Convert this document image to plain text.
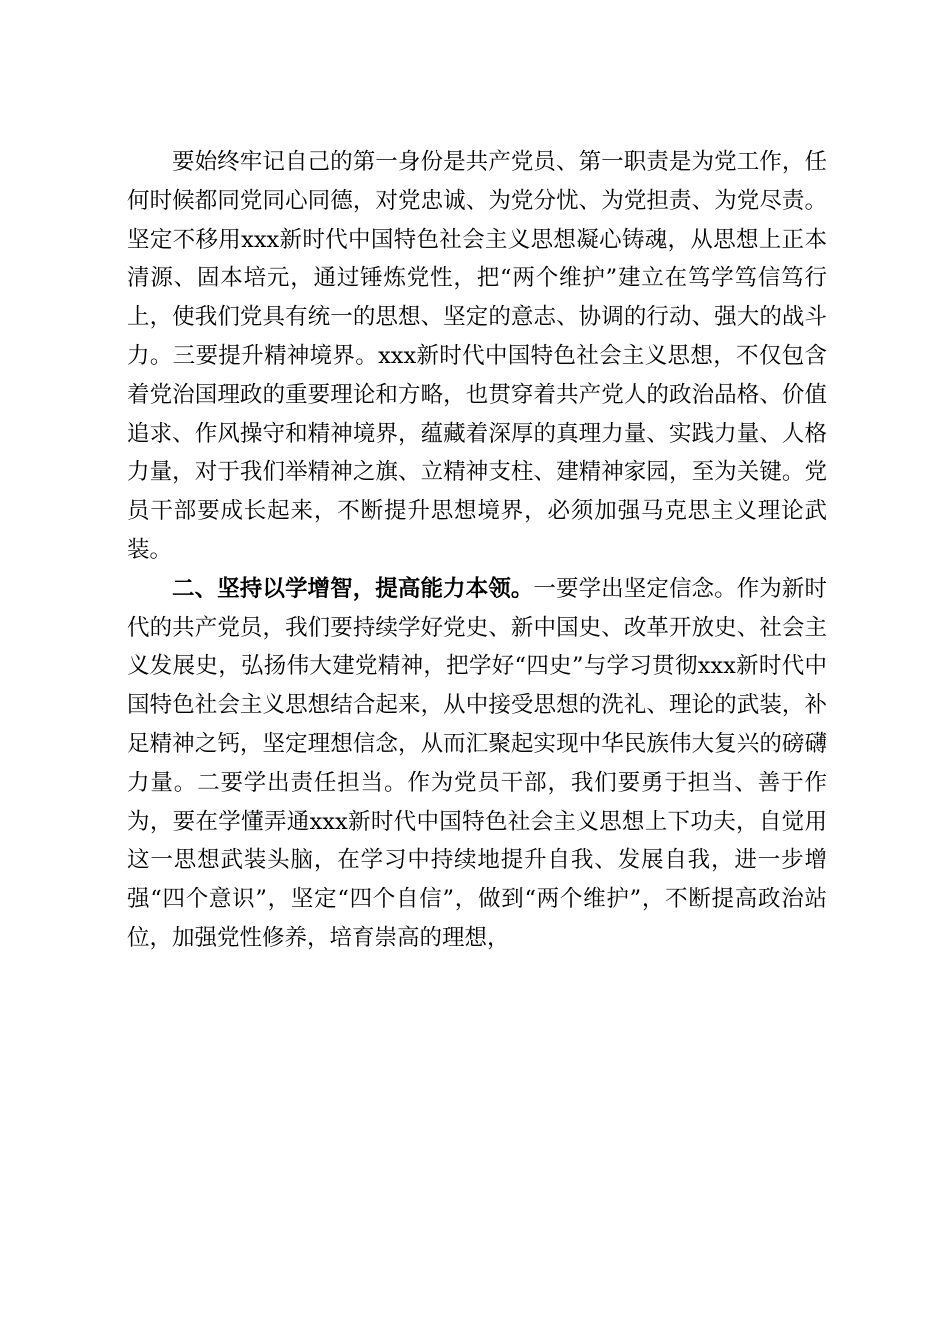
要始终牢记自己的第一身份是共产党员、第一职责是为党工作，任何时候都同党同心同德，对党忠诚、为党分忧、为党担责、为党尽责。坚定不移用xxx新时代中国特色社会主义思想凝心铸魂，从思想上正本清源、固本培元，通过锤炼党性，把“两个维护”建立在笃学笃信笃行上，使我们党具有统一的思想、坚定的意志、协调的行动、强大的战斗力。三要提升精神境界。xxx新时代中国特色社会主义思想，不仅包含着党治国理政的重要理论和方略，也贯穿着共产党人的政治品格、价值追求、作风操守和精神境界，蕴藏着深厚的真理力量、实践力量、人格力量，对于我们举精神之旗、立精神支柱、建精神家园，至为关键。党员干部要成长起来，不断提升思想境界，必须加强马克思主义理论武装。

二、坚持以学增智，提高能力本领。一要学出坚定信念。作为新时代的共产党员，我们要持续学好党史、新中国史、改革开放史、社会主义发展史，弘扬伟大建党精神，把学好“四史”与学习贯彻xxx新时代中国特色社会主义思想结合起来，从中接受思想的洗礼、理论的武装，补足精神之钙，坚定理想信念，从而汇聚起实现中华民族伟大复兴的磅礴力量。二要学出责任担当。作为党员干部，我们要勇于担当、善于作为，要在学懂弄通xxx新时代中国特色社会主义思想上下功夫，自觉用这一思想武装头脑，在学习中持续地提升自我、发展自我，进一步增强“四个意识”，坚定“四个自信”，做到“两个维护”，不断提高政治站位，加强党性修养，培育崇高的理想，
